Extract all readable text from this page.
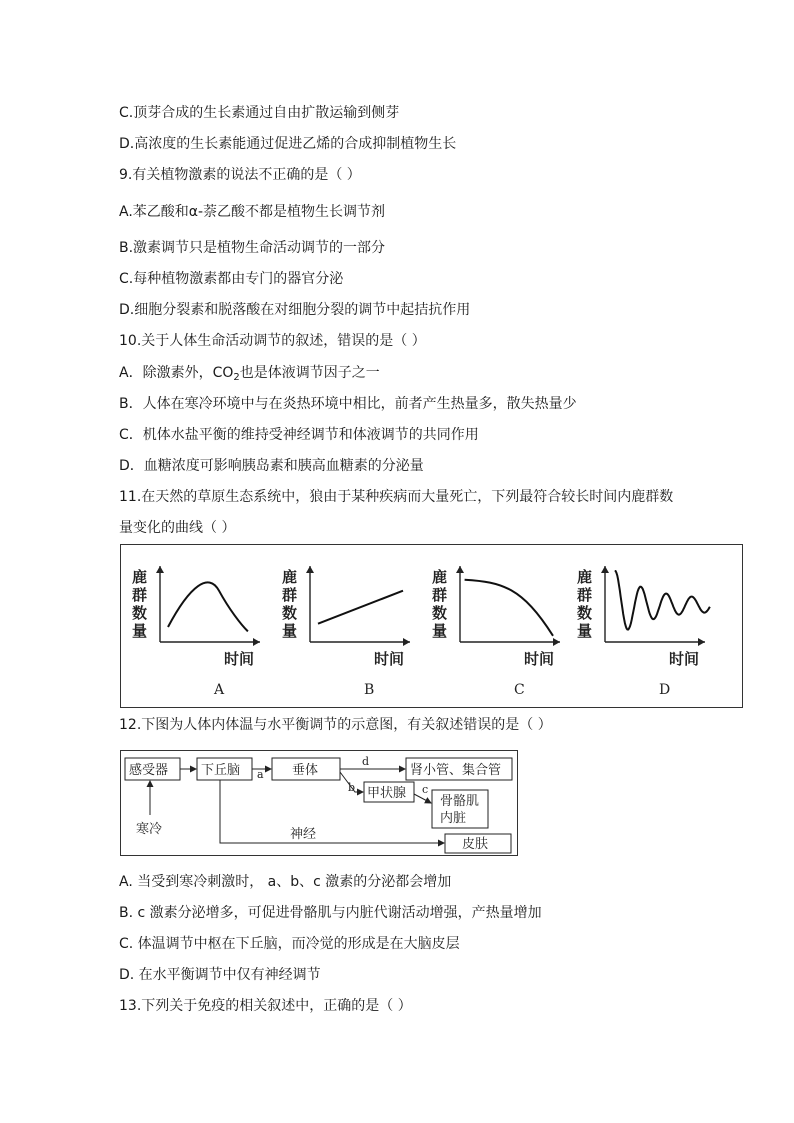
C.顶芽合成的生长素通过自由扩散运输到侧芽
D.高浓度的生长素能通过促进乙烯的合成抑制植物生长
9.有关植物激素的说法不正确的是（ ）
A.苯乙酸和α-萘乙酸不都是植物生长调节剂
B.激素调节只是植物生命活动调节的一部分
C.每种植物激素都由专门的器官分泌
D.细胞分裂素和脱落酸在对细胞分裂的调节中起拮抗作用
10.关于人体生命活动调节的叙述，错误的是（ ）
A．除激素外，$CO_2$也是体液调节因子之一
B．人体在寒冷环境中与在炎热环境中相比，前者产生热量多，散失热量少
C．机体水盐平衡的维持受神经调节和体液调节的共同作用
D．血糖浓度可影响胰岛素和胰高血糖素的分泌量
11.在天然的草原生态系统中，狼由于某种疾病而大量死亡，下列最符合较长时间内鹿群数
量变化的曲线（ ）
鹿
群
数
量
时间
A
鹿
群
数
量
时间
B
鹿
群
数
量
时间
C
鹿
群
数
量
时间
D
12.下图为人体内体温与水平衡调节的示意图，有关叙述错误的是（ ）
感受器	下丘脑	垂体	肾小管、集合管
甲状腺
骨骼肌
内脏
皮肤
a
d
b	c
寒冷	神经
A. 当受到寒冷刺激时， a、b、c 激素的分泌都会增加
B. c 激素分泌增多，可促进骨骼肌与内脏代谢活动增强，产热量增加
C. 体温调节中枢在下丘脑，而冷觉的形成是在大脑皮层
D. 在水平衡调节中仅有神经调节
13.下列关于免疫的相关叙述中，正确的是（ ）
